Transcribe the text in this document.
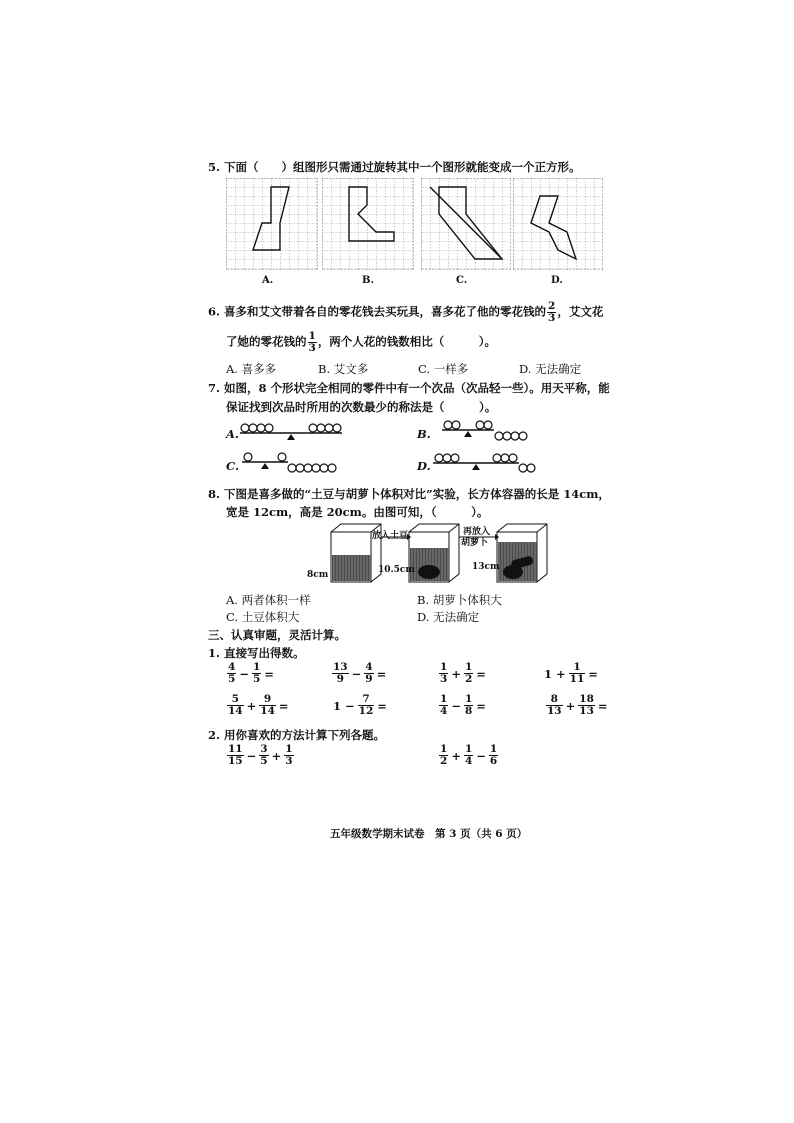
5. 下面（　　）组图形只需通过旋转其中一个图形就能变成一个正方形。
A.	B.	C.	D.
6. 喜多和艾文带着各自的零花钱去买玩具，喜多花了他的零花钱的 $\frac{2}{3}$ ，艾文花
了她的零花钱的 $\frac{1}{3}$ ，两个人花的钱数相比（　　　）。
A. 喜多多	B. 艾文多	C. 一样多	D. 无法确定
7. 如图，8 个形状完全相同的零件中有一个次品（次品轻一些）。用天平称，能
保证找到次品时所用的次数最少的称法是（　　　）。
A.	B.
C.	D.
8. 下图是喜多做的“土豆与胡萝卜体积对比”实验，长方体容器的长是 14cm，
宽是 12cm，高是 20cm。由图可知，（　　　）。
放入土豆	再放入
胡萝卜
8cm	10.5cm	13cm
A. 两者体积一样	B. 胡萝卜体积大
C. 土豆体积大	D. 无法确定
三、认真审题，灵活计算。
1. 直接写出得数。
$\frac{4}{5} - \frac{1}{5}$ =	$\frac{13}{9} - \frac{4}{9}$ =	$\frac{1}{3} + \frac{1}{2}$ =	$1 + \frac{1}{11}$ =
$\frac{5}{14} + \frac{9}{14}$ =	$1 - \frac{7}{12}$ =	$\frac{1}{4} - \frac{1}{8}$ =	$\frac{8}{13} + \frac{18}{13}$ =
2. 用你喜欢的方法计算下列各题。
$\frac{11}{15} - \frac{3}{5} + \frac{1}{3}$	$\frac{1}{2} + \frac{1}{4} - \frac{1}{6}$
五年级数学期末试卷　第 3 页（共 6 页）
